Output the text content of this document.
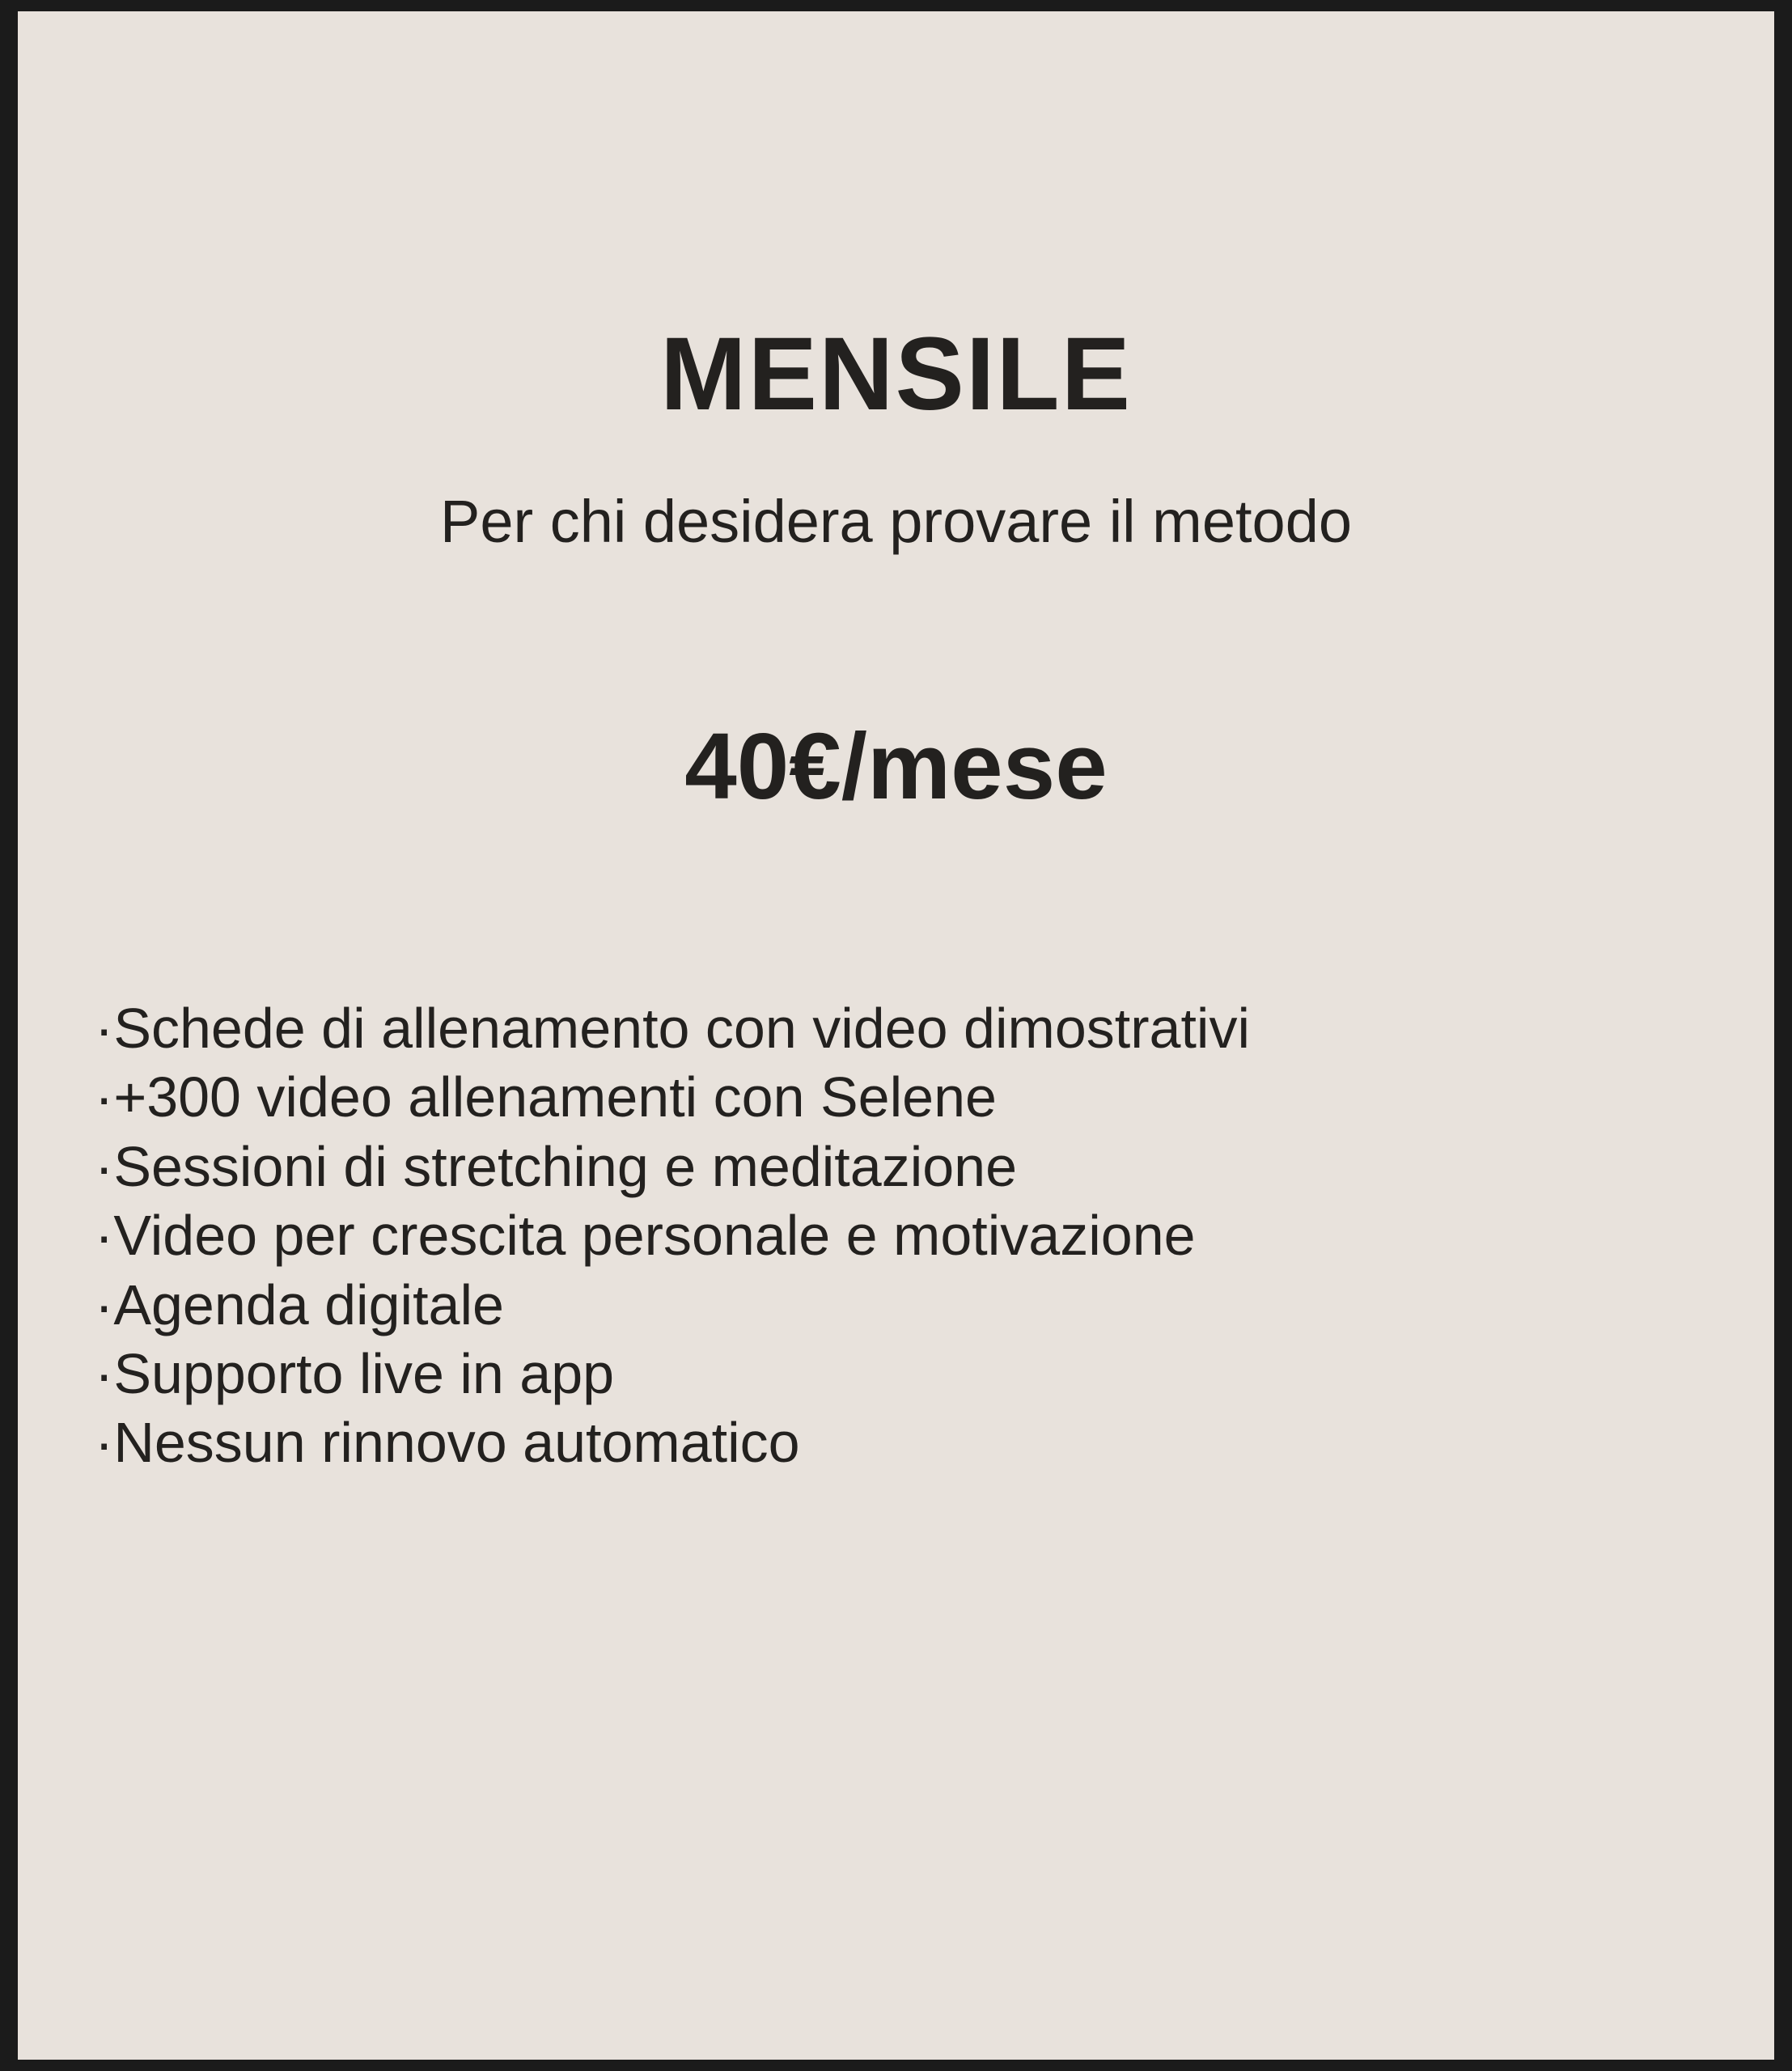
MENSILE
Per chi desidera provare il metodo
40€/mese
·Schede di allenamento con video dimostrativi
·+300 video allenamenti con Selene
·Sessioni di stretching e meditazione
·Video per crescita personale e motivazione
·Agenda digitale
·Supporto live in app
·Nessun rinnovo automatico
